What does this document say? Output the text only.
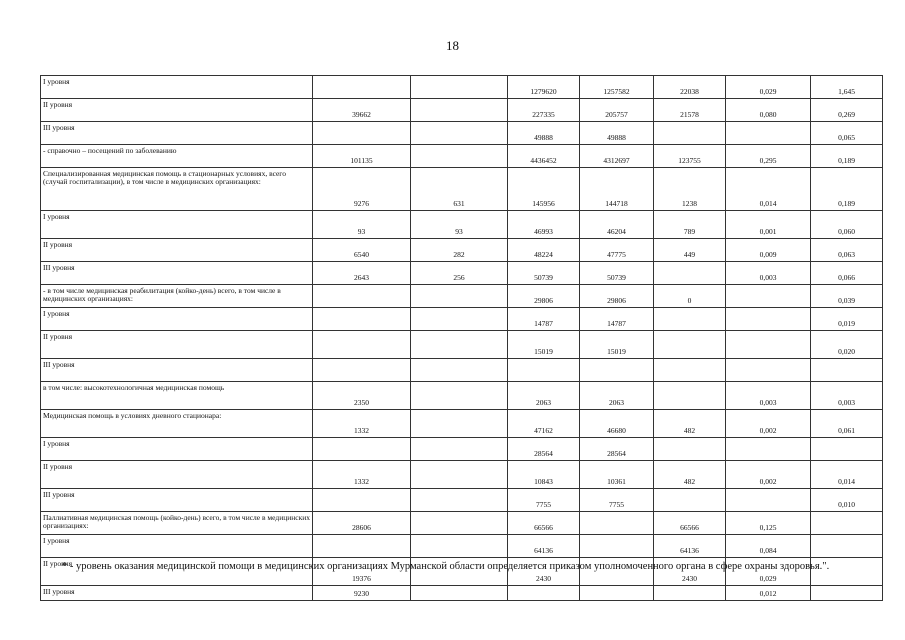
18
I уровня			1279620	1257582	22038	0,029	1,645
II уровня	39662		227335	205757	21578	0,080	0,269
III уровня			49888	49888			0,065
- справочно – посещений по заболеванию	101135		4436452	4312697	123755	0,295	0,189
Специализированная медицинская помощь в стационарных условиях, всего (случай госпитализации), в том числе в медицинских организациях:	9276	631	145956	144718	1238	0,014	0,189
I уровня	93	93	46993	46204	789	0,001	0,060
II уровня	6540	282	48224	47775	449	0,009	0,063
III уровня	2643	256	50739	50739		0,003	0,066
- в том числе медицинская реабилитация (койко-день) всего, в том числе в медицинских организациях:			29806	29806	0		0,039
I уровня			14787	14787			0,019
II уровня			15019	15019			0,020
III уровня							
в том числе: высокотехнологичная медицинская помощь	2350		2063	2063		0,003	0,003
Медицинская помощь в условиях дневного стационара:	1332		47162	46680	482	0,002	0,061
I уровня			28564	28564			
II уровня	1332		10843	10361	482	0,002	0,014
III уровня			7755	7755			0,010
Паллиативная медицинская помощь (койко-день) всего, в том числе в медицинских организациях:	28606		66566		66566	0,125	
I уровня			64136		64136	0,084	
II уровня	19376		2430		2430	0,029	
III уровня	9230					0,012	
* - уровень оказания медицинской помощи в медицинских организациях Мурманской области определяется приказом уполномоченного органа в сфере охраны здоровья.".
